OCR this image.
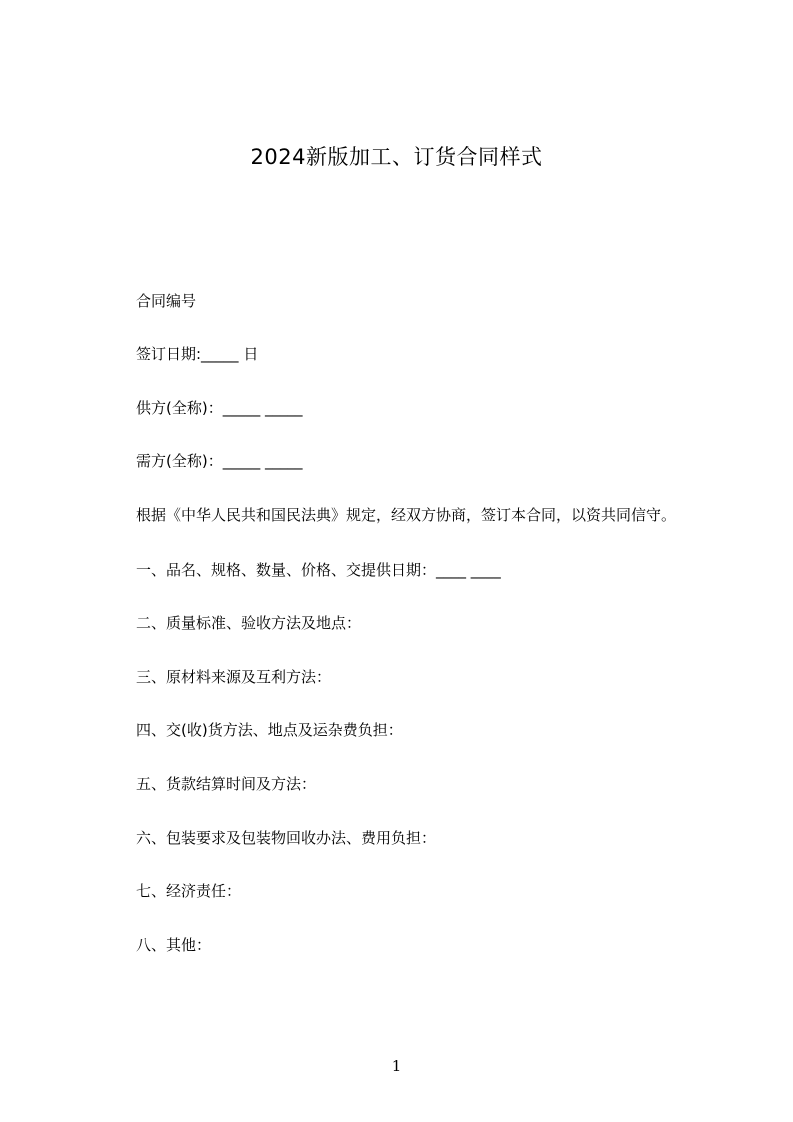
2024新版加工、订货合同样式
合同编号
签订日期:_____ 日
供方(全称)：_____ _____
需方(全称)：_____ _____
根据《中华人民共和国民法典》规定，经双方协商，签订本合同，以资共同信守。
一、品名、规格、数量、价格、交提供日期：____ ____
二、质量标准、验收方法及地点：
三、原材料来源及互利方法：
四、交(收)货方法、地点及运杂费负担：
五、货款结算时间及方法：
六、包装要求及包装物回收办法、费用负担：
七、经济责任：
八、其他：
1
